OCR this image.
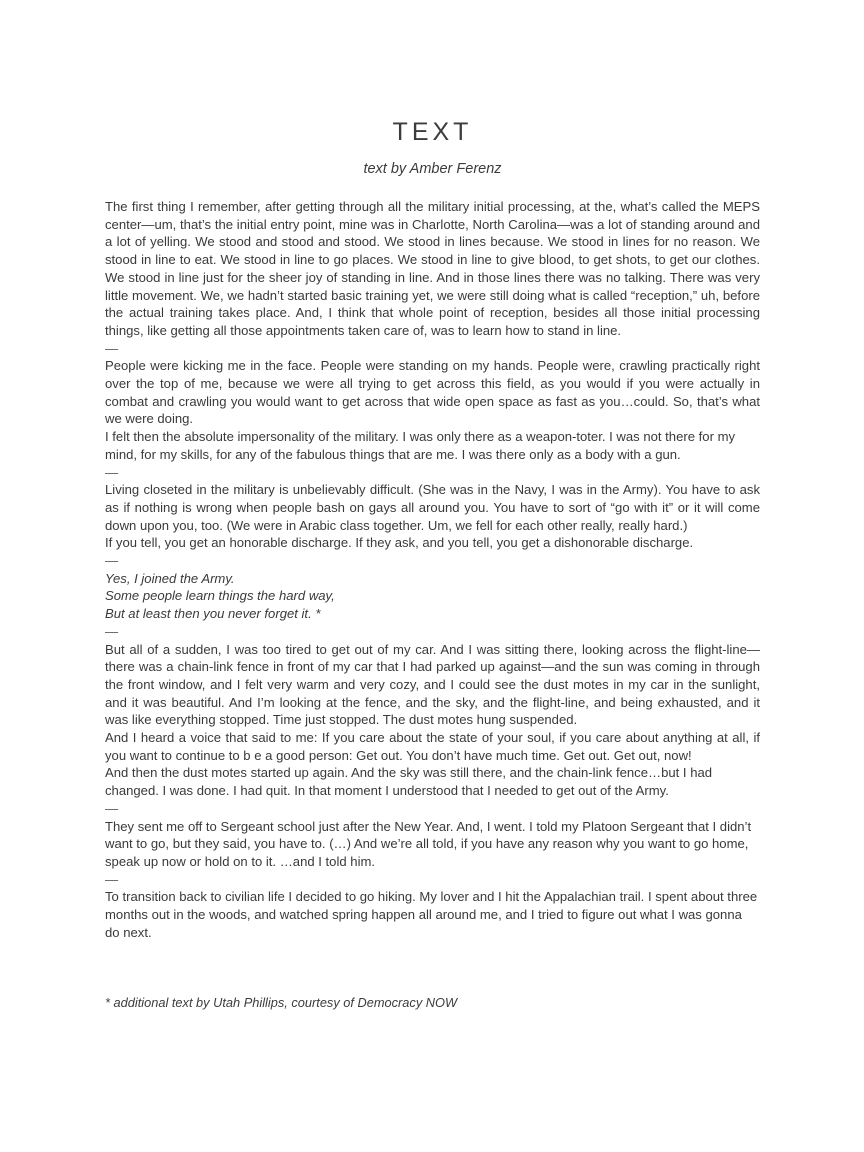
TEXT
text by Amber Ferenz

The first thing I remember, after getting through all the military initial processing, at the, what’s called the MEPS center—um, that’s the initial entry point, mine was in Charlotte, North Carolina—was a lot of standing around and a lot of yelling. We stood and stood and stood. We stood in lines because. We stood in lines for no reason. We stood in line to eat. We stood in line to go places. We stood in line to give blood, to get shots, to get our clothes. We stood in line just for the sheer joy of standing in line. And in those lines there was no talking. There was very little movement. We, we hadn’t started basic training yet, we were still doing what is called “reception,” uh, before the actual training takes place. And, I think that whole point of reception, besides all those initial processing things, like getting all those appointments taken care of, was to learn how to stand in line.

—

People were kicking me in the face. People were standing on my hands. People were, crawling practically right over the top of me, because we were all trying to get across this field, as you would if you were actually in combat and crawling you would want to get across that wide open space as fast as you…could. So, that’s what we were doing.

I felt then the absolute impersonality of the military. I was only there as a weapon-toter. I was not there for my mind, for my skills, for any of the fabulous things that are me. I was there only as a body with a gun.

—

Living closeted in the military is unbelievably difficult. (She was in the Navy, I was in the Army). You have to ask as if nothing is wrong when people bash on gays all around you. You have to sort of “go with it” or it will come down upon you, too. (We were in Arabic class together. Um, we fell for each other really, really hard.)

If you tell, you get an honorable discharge. If they ask, and you tell, you get a dishonorable discharge.

—

Yes, I joined the Army.

Some people learn things the hard way,

But at least then you never forget it. *

—

But all of a sudden, I was too tired to get out of my car. And I was sitting there, looking across the flight-line—there was a chain-link fence in front of my car that I had parked up against—and the sun was coming in through the front window, and I felt very warm and very cozy, and I could see the dust motes in my car in the sunlight, and it was beautiful. And I’m looking at the fence, and the sky, and the flight-line, and being exhausted, and it was like everything stopped. Time just stopped. The dust motes hung suspended.

And I heard a voice that said to me: If you care about the state of your soul, if you care about anything at all, if you want to continue to b e a good person: Get out. You don’t have much time. Get out. Get out, now!

And then the dust motes started up again. And the sky was still there, and the chain-link fence…but I had changed. I was done. I had quit. In that moment I understood that I needed to get out of the Army.

—

They sent me off to Sergeant school just after the New Year. And, I went. I told my Platoon Sergeant that I didn’t want to go, but they said, you have to. (…) And we’re all told, if you have any reason why you want to go home, speak up now or hold on to it. …and I told him.

—

To transition back to civilian life I decided to go hiking. My lover and I hit the Appalachian trail. I spent about three months out in the woods, and watched spring happen all around me, and I tried to figure out what I was gonna do next.

* additional text by Utah Phillips, courtesy of Democracy NOW
